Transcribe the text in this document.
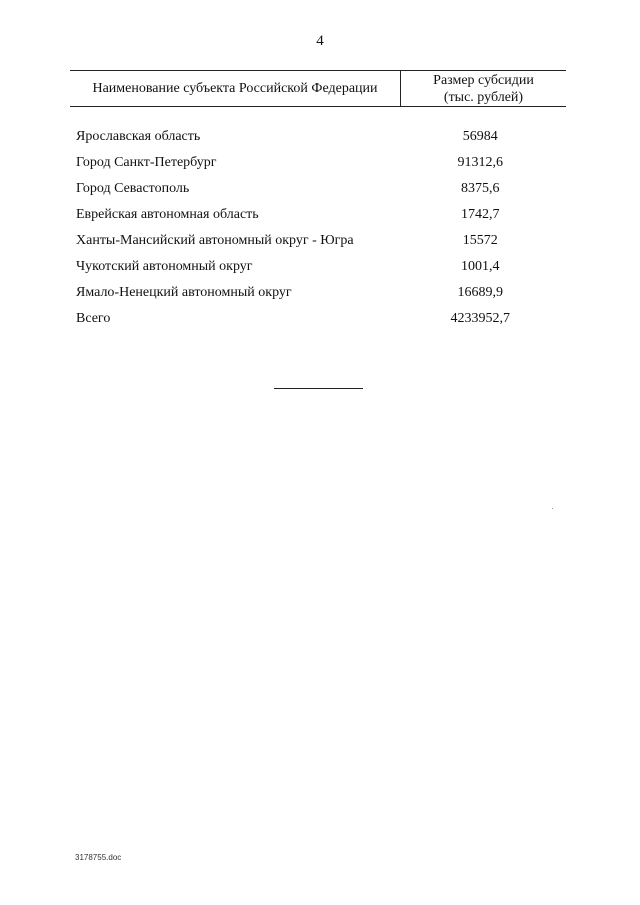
4
Наименование субъекта Российской Федерации	Размер субсидии
(тыс. рублей)

Ярославская область	56984
Город Санкт-Петербург	91312,6
Город Севастополь	8375,6
Еврейская автономная область	1742,7
Ханты-Мансийский автономный округ - Югра	15572
Чукотский автономный округ	1001,4
Ямало-Ненецкий автономный округ	16689,9
Всего	4233952,7
3178755.doc
